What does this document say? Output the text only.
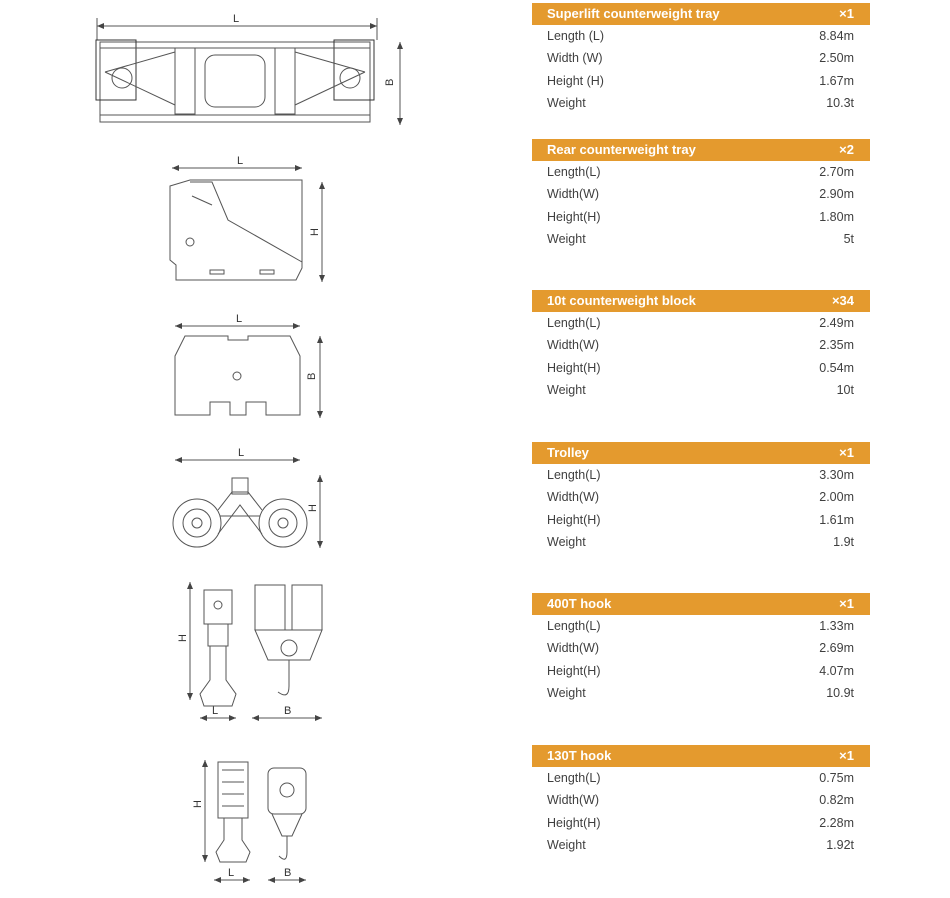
L
B
L
H
L
B
L
H
H
L	B
H
L	B
Superlift counterweight tray	×1
Length (L)	8.84m
Width (W)	2.50m
Height (H)	1.67m
Weight	10.3t
Rear counterweight tray	×2
Length(L)	2.70m
Width(W)	2.90m
Height(H)	1.80m
Weight	5t
10t counterweight block	×34
Length(L)	2.49m
Width(W)	2.35m
Height(H)	0.54m
Weight	10t
Trolley	×1
Length(L)	3.30m
Width(W)	2.00m
Height(H)	1.61m
Weight	1.9t
400T hook	×1
Length(L)	1.33m
Width(W)	2.69m
Height(H)	4.07m
Weight	10.9t
130T hook	×1
Length(L)	0.75m
Width(W)	0.82m
Height(H)	2.28m
Weight	1.92t
